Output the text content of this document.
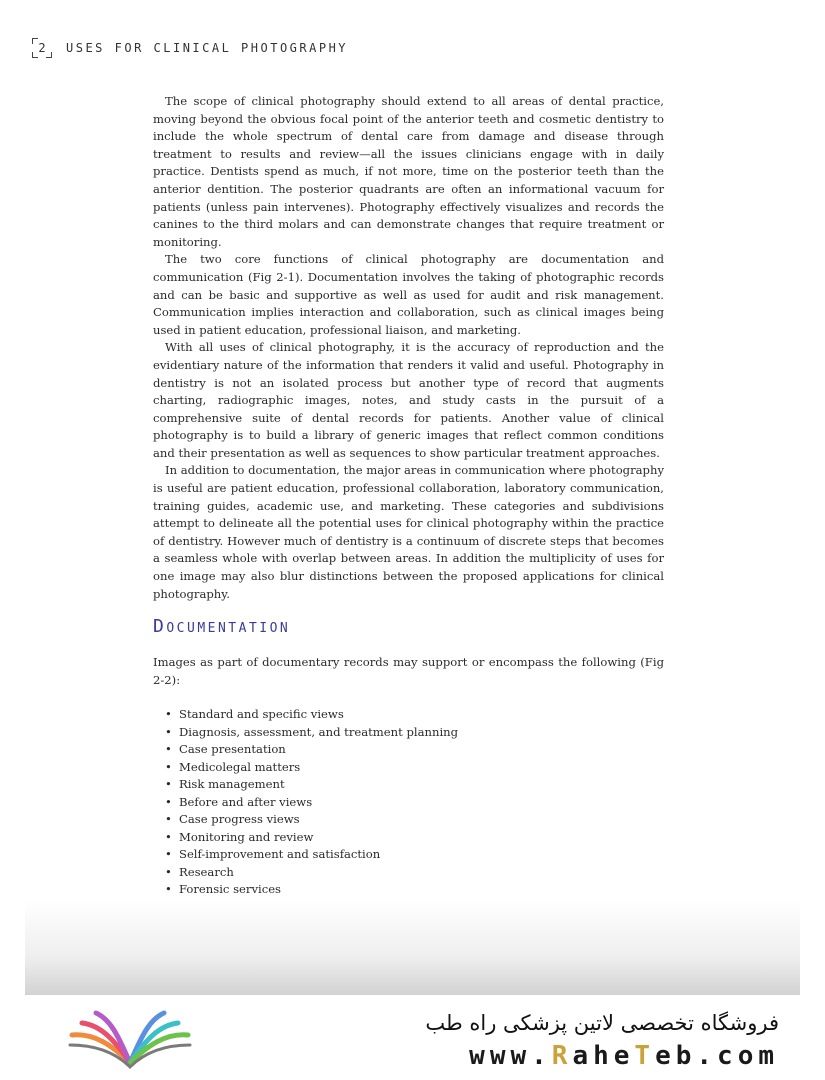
2 USES FOR CLINICAL PHOTOGRAPHY

The scope of clinical photography should extend to all areas of dental practice, moving beyond the obvious focal point of the anterior teeth and cosmetic dentistry to include the whole spectrum of dental care from damage and disease through treatment to results and review—all the issues clinicians engage with in daily practice. Dentists spend as much, if not more, time on the posterior teeth than the anterior dentition. The posterior quadrants are often an informational vacuum for patients (unless pain intervenes). Photography effectively visualizes and records the canines to the third molars and can demonstrate changes that require treatment or monitoring.

The two core functions of clinical photography are documentation and communication (Fig 2-1). Documentation involves the taking of photographic records and can be basic and supportive as well as used for audit and risk management. Communication implies interaction and collaboration, such as clinical images being used in patient education, professional liaison, and marketing.

With all uses of clinical photography, it is the accuracy of reproduction and the evidentiary nature of the information that renders it valid and useful. Photography in dentistry is not an isolated process but another type of record that augments charting, radiographic images, notes, and study casts in the pursuit of a comprehensive suite of dental records for patients. Another value of clinical photography is to build a library of generic images that reflect common conditions and their presentation as well as sequences to show particular treatment approaches.

In addition to documentation, the major areas in communication where photography is useful are patient education, professional collaboration, laboratory communication, training guides, academic use, and marketing. These categories and subdivisions attempt to delineate all the potential uses for clinical photography within the practice of dentistry. However much of dentistry is a continuum of discrete steps that becomes a seamless whole with overlap between areas. In addition the multiplicity of uses for one image may also blur distinctions between the proposed applications for clinical photography.

Documentation

Images as part of documentary records may support or encompass the following (Fig 2-2):

• Standard and specific views
• Diagnosis, assessment, and treatment planning
• Case presentation
• Medicolegal matters
• Risk management
• Before and after views
• Case progress views
• Monitoring and review
• Self-improvement and satisfaction
• Research
• Forensic services
فروشگاه تخصصی لاتین پزشکی راه طب
www.RaheTeb.com
